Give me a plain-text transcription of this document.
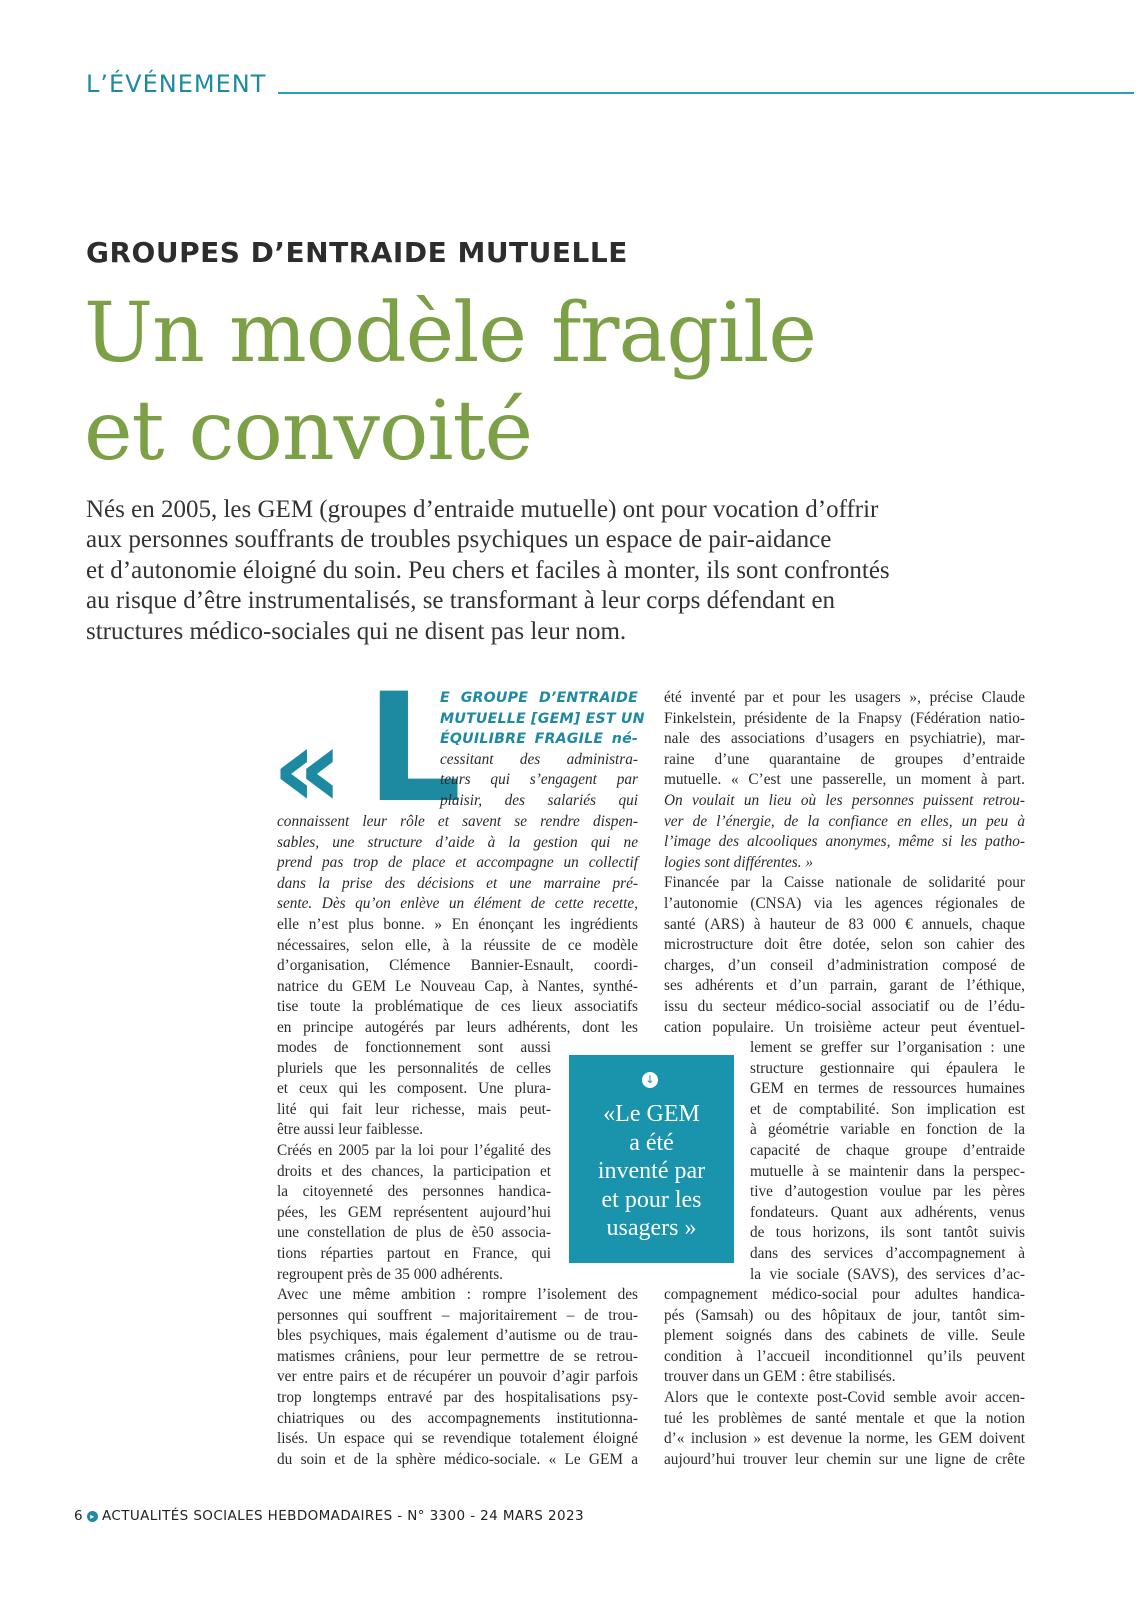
L’ÉVÉNEMENT
GROUPES D’ENTRAIDE MUTUELLE
Un modèle fragile
et convoité
Nés en 2005, les GEM (groupes d’entraide mutuelle) ont pour vocation d’offrir
aux personnes souffrants de troubles psychiques un espace de pair-aidance
et d’autonomie éloigné du soin. Peu chers et faciles à monter, ils sont confrontés
au risque d’être instrumentalisés, se transformant à leur corps défendant en
structures médico-sociales qui ne disent pas leur nom.
« L
E GROUPE D’ENTRAIDE
MUTUELLE [GEM] EST UN
ÉQUILIBRE FRAGILE né-
cessitant des administra-
teurs qui s’engagent par
plaisir, des salariés qui
connaissent leur rôle et savent se rendre dispen-
sables, une structure d’aide à la gestion qui ne
prend pas trop de place et accompagne un collectif
dans la prise des décisions et une marraine pré-
sente. Dès qu’on enlève un élément de cette recette,
elle n’est plus bonne. » En énonçant les ingrédients
nécessaires, selon elle, à la réussite de ce modèle
d’organisation, Clémence Bannier-Esnault, coordi-
natrice du GEM Le Nouveau Cap, à Nantes, synthé-
tise toute la problématique de ces lieux associatifs
en principe autogérés par leurs adhérents, dont les
modes de fonctionnement sont aussi
pluriels que les personnalités de celles
et ceux qui les composent. Une plura-
lité qui fait leur richesse, mais peut-
être aussi leur faiblesse.
Créés en 2005 par la loi pour l’égalité des
droits et des chances, la participation et
la citoyenneté des personnes handica-
pées, les GEM représentent aujourd’hui
une constellation de plus de è50 associa-
tions réparties partout en France, qui
regroupent près de 35 000 adhérents.
Avec une même ambition : rompre l’isolement des
personnes qui souffrent – majoritairement – de trou-
bles psychiques, mais également d’autisme ou de trau-
matismes crâniens, pour leur permettre de se retrou-
ver entre pairs et de récupérer un pouvoir d’agir parfois
trop longtemps entravé par des hospitalisations psy-
chiatriques ou des accompagnements institutionna-
lisés. Un espace qui se revendique totalement éloigné
du soin et de la sphère médico-sociale. « Le GEM a
été inventé par et pour les usagers », précise Claude
Finkelstein, présidente de la Fnapsy (Fédération natio-
nale des associations d’usagers en psychiatrie), mar-
raine d’une quarantaine de groupes d’entraide
mutuelle. « C’est une passerelle, un moment à part.
On voulait un lieu où les personnes puissent retrou-
ver de l’énergie, de la confiance en elles, un peu à
l’image des alcooliques anonymes, même si les patho-
logies sont différentes. »
Financée par la Caisse nationale de solidarité pour
l’autonomie (CNSA) via les agences régionales de
santé (ARS) à hauteur de 83 000 € annuels, chaque
microstructure doit être dotée, selon son cahier des
charges, d’un conseil d’administration composé de
ses adhérents et d’un parrain, garant de l’éthique,
issu du secteur médico-social associatif ou de l’édu-
cation populaire. Un troisième acteur peut éventuel-
lement se greffer sur l’organisation : une
structure gestionnaire qui épaulera le
GEM en termes de ressources humaines
et de comptabilité. Son implication est
à géométrie variable en fonction de la
capacité de chaque groupe d’entraide
mutuelle à se maintenir dans la perspec-
tive d’autogestion voulue par les pères
fondateurs. Quant aux adhérents, venus
de tous horizons, ils sont tantôt suivis
dans des services d’accompagnement à
la vie sociale (SAVS), des services d’ac-
compagnement médico-social pour adultes handica-
pés (Samsah) ou des hôpitaux de jour, tantôt sim-
plement soignés dans des cabinets de ville. Seule
condition à l’accueil inconditionnel qu’ils peuvent
trouver dans un GEM : être stabilisés.
Alors que le contexte post-Covid semble avoir accen-
tué les problèmes de santé mentale et que la notion
d’« inclusion » est devenue la norme, les GEM doivent
aujourd’hui trouver leur chemin sur une ligne de crête
↓
«Le GEM
a été
inventé par
et pour les
usagers »
6 ▸ ACTUALITÉS SOCIALES HEBDOMADAIRES - N° 3300 - 24 MARS 2023
